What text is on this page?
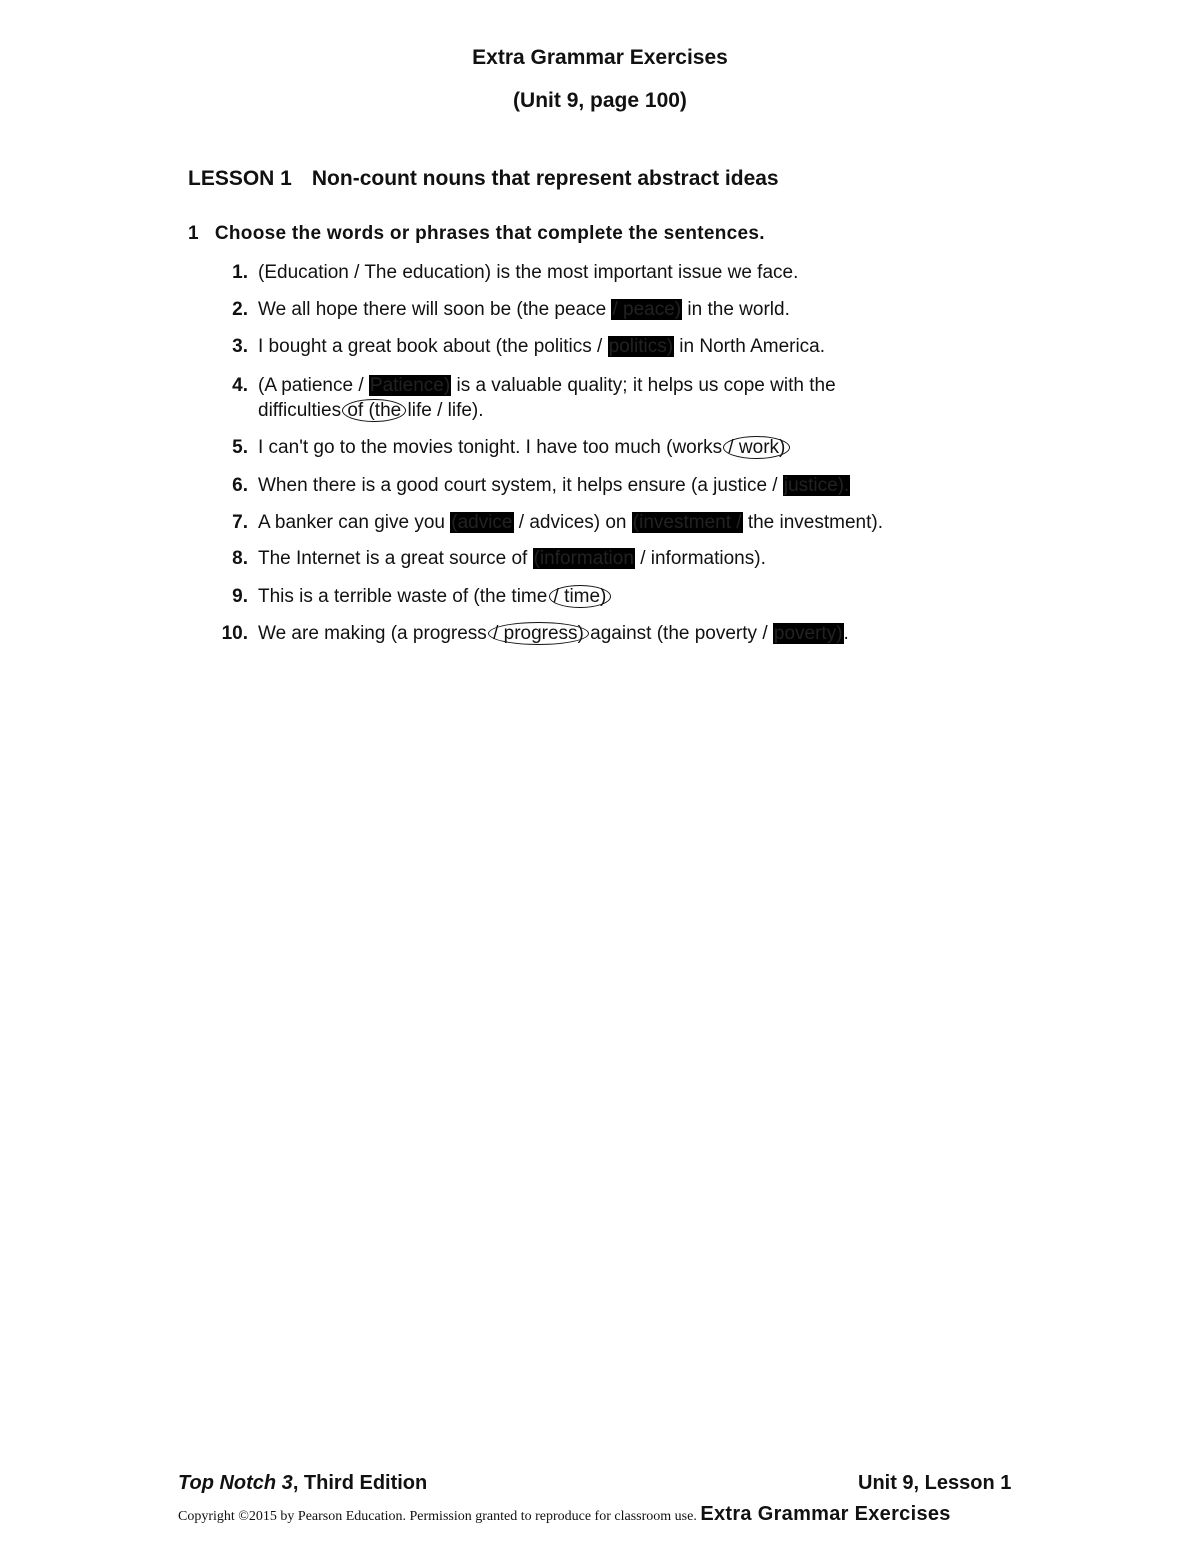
Extra Grammar Exercises
(Unit 9, page 100)
LESSON 1 Non-count nouns that represent abstract ideas
1 Choose the words or phrases that complete the sentences.
1. (Education / The education) is the most important issue we face.
2. We all hope there will soon be (the peace / peace) in the world.
3. I bought a great book about (the politics / politics) in North America.
4. (A patience / Patience) is a valuable quality; it helps us cope with the
difficulties of (the life / life).
5. I can't go to the movies tonight. I have too much (works / work)
6. When there is a good court system, it helps ensure (a justice / justice).
7. A banker can give you (advice / advices) on (investment / the investment).
8. The Internet is a great source of (information / informations).
9. This is a terrible waste of (the time / time)
10. We are making (a progress / progress) against (the poverty / poverty).
Top Notch 3, Third Edition	Unit 9, Lesson 1
Copyright ©2015 by Pearson Education. Permission granted to reproduce for classroom use. Extra Grammar Exercises
